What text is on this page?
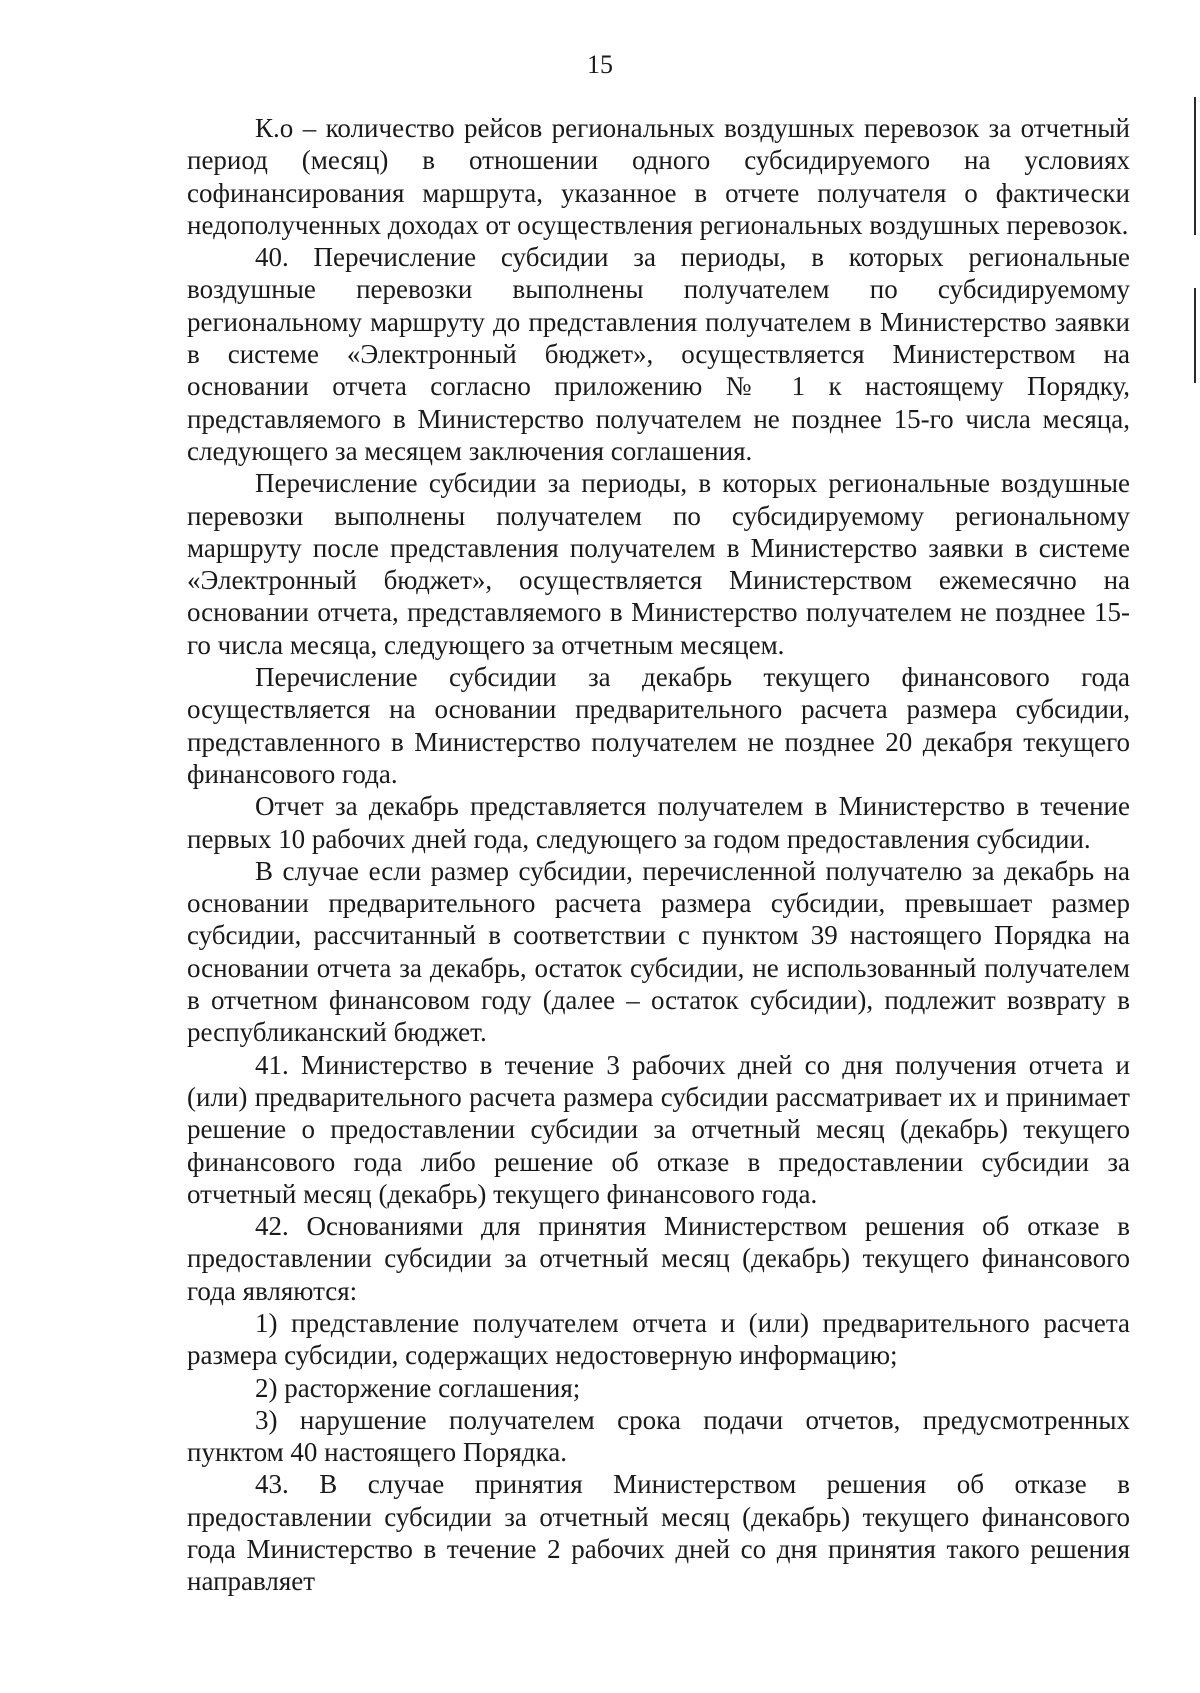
15

К.о – количество рейсов региональных воздушных перевозок за отчетный период (месяц) в отношении одного субсидируемого на условиях софинансирования маршрута, указанное в отчете получателя о фактически недополученных доходах от осуществления региональных воздушных перевозок.

40. Перечисление субсидии за периоды, в которых региональные воздушные перевозки выполнены получателем по субсидируемому региональному маршруту до представления получателем в Министерство заявки в системе «Электронный бюджет», осуществляется Министерством на основании отчета согласно приложению № 1 к настоящему Порядку, представляемого в Министерство получателем не позднее 15-го числа месяца, следующего за месяцем заключения соглашения.

Перечисление субсидии за периоды, в которых региональные воздушные перевозки выполнены получателем по субсидируемому региональному маршруту после представления получателем в Министерство заявки в системе «Электронный бюджет», осуществляется Министерством ежемесячно на основании отчета, представляемого в Министерство получателем не позднее 15-го числа месяца, следующего за отчетным месяцем.

Перечисление субсидии за декабрь текущего финансового года осуществляется на основании предварительного расчета размера субсидии, представленного в Министерство получателем не позднее 20 декабря текущего финансового года.

Отчет за декабрь представляется получателем в Министерство в течение первых 10 рабочих дней года, следующего за годом предоставления субсидии.

В случае если размер субсидии, перечисленной получателю за декабрь на основании предварительного расчета размера субсидии, превышает размер субсидии, рассчитанный в соответствии с пунктом 39 настоящего Порядка на основании отчета за декабрь, остаток субсидии, не использованный получателем в отчетном финансовом году (далее – остаток субсидии), подлежит возврату в республиканский бюджет.

41. Министерство в течение 3 рабочих дней со дня получения отчета и (или) предварительного расчета размера субсидии рассматривает их и принимает решение о предоставлении субсидии за отчетный месяц (декабрь) текущего финансового года либо решение об отказе в предоставлении субсидии за отчетный месяц (декабрь) текущего финансового года.

42. Основаниями для принятия Министерством решения об отказе в предоставлении субсидии за отчетный месяц (декабрь) текущего финансового года являются:

1) представление получателем отчета и (или) предварительного расчета размера субсидии, содержащих недостоверную информацию;

2) расторжение соглашения;

3) нарушение получателем срока подачи отчетов, предусмотренных пунктом 40 настоящего Порядка.

43. В случае принятия Министерством решения об отказе в предоставлении субсидии за отчетный месяц (декабрь) текущего финансового года Министерство в течение 2 рабочих дней со дня принятия такого решения направляет
